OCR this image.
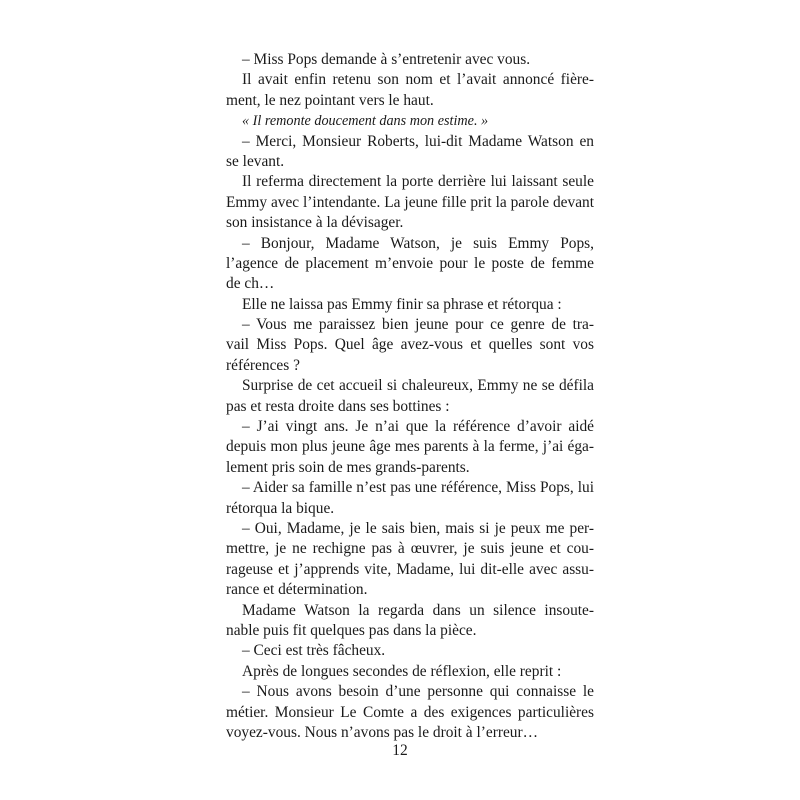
– Miss Pops demande à s’entretenir avec vous.
Il avait enfin retenu son nom et l’avait annoncé fière-
ment, le nez pointant vers le haut.
« Il remonte doucement dans mon estime. »
– Merci, Monsieur Roberts, lui-dit Madame Watson en
se levant.
Il referma directement la porte derrière lui laissant seule
Emmy avec l’intendante. La jeune fille prit la parole devant
son insistance à la dévisager.
– Bonjour, Madame Watson, je suis Emmy Pops,
l’agence de placement m’envoie pour le poste de femme
de ch…
Elle ne laissa pas Emmy finir sa phrase et rétorqua :
– Vous me paraissez bien jeune pour ce genre de tra-
vail Miss Pops. Quel âge avez-vous et quelles sont vos
références ?
Surprise de cet accueil si chaleureux, Emmy ne se défila
pas et resta droite dans ses bottines :
– J’ai vingt ans. Je n’ai que la référence d’avoir aidé
depuis mon plus jeune âge mes parents à la ferme, j’ai éga-
lement pris soin de mes grands-parents.
– Aider sa famille n’est pas une référence, Miss Pops, lui
rétorqua la bique.
– Oui, Madame, je le sais bien, mais si je peux me per-
mettre, je ne rechigne pas à œuvrer, je suis jeune et cou-
rageuse et j’apprends vite, Madame, lui dit-elle avec assu-
rance et détermination.
Madame Watson la regarda dans un silence insoute-
nable puis fit quelques pas dans la pièce.
– Ceci est très fâcheux.
Après de longues secondes de réflexion, elle reprit :
– Nous avons besoin d’une personne qui connaisse le
métier. Monsieur Le Comte a des exigences particulières
voyez-vous. Nous n’avons pas le droit à l’erreur…
12
